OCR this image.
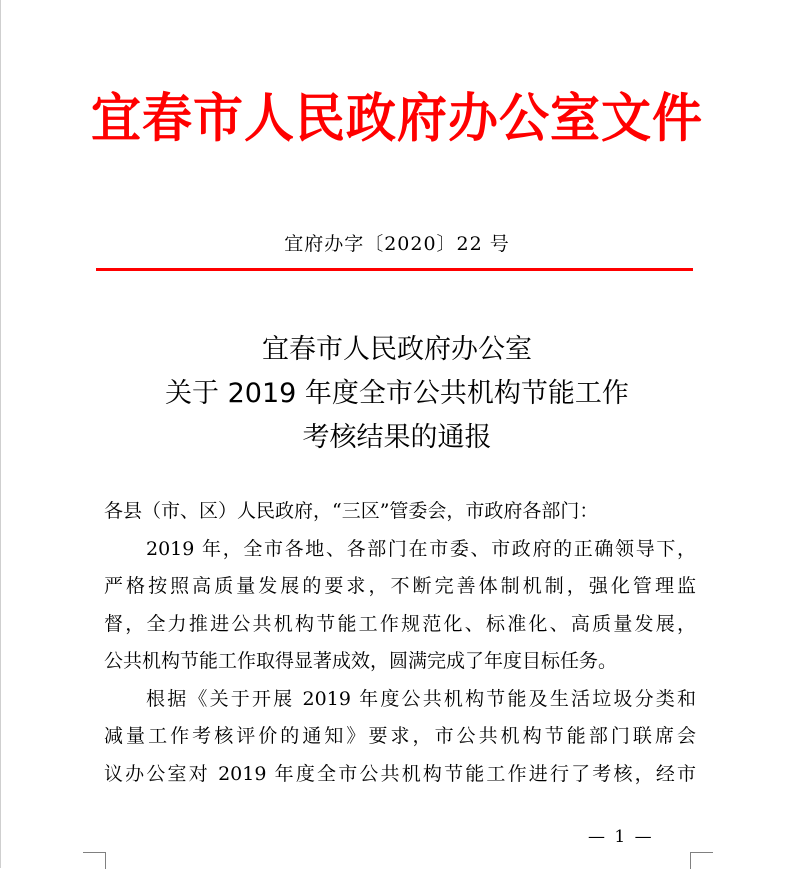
宜春市人民政府办公室文件
宜府办字〔2020〕22 号
宜春市人民政府办公室
关于 2019 年度全市公共机构节能工作
考核结果的通报

各县（市、区）人民政府，“三区”管委会，市政府各部门：

2019 年，全市各地、各部门在市委、市政府的正确领导下，
严格按照高质量发展的要求，不断完善体制机制，强化管理监
督，全力推进公共机构节能工作规范化、标准化、高质量发展，
公共机构节能工作取得显著成效，圆满完成了年度目标任务。

根据《关于开展 2019 年度公共机构节能及生活垃圾分类和
减量工作考核评价的通知》要求，市公共机构节能部门联席会
议办公室对 2019 年度全市公共机构节能工作进行了考核，经市

— 1 —
